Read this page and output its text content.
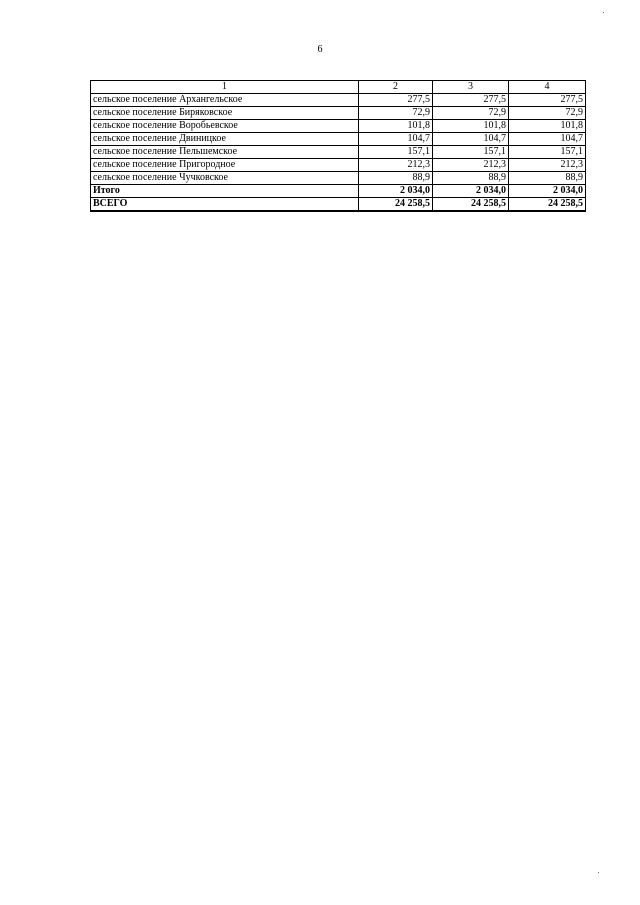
6
1	2	3	4
сельское поселение Архангельское	277,5	277,5	277,5
сельское поселение Биряковское	72,9	72,9	72,9
сельское поселение Воробьевское	101,8	101,8	101,8
сельское поселение Двиницкое	104,7	104,7	104,7
сельское поселение Пельшемское	157,1	157,1	157,1
сельское поселение Пригородное	212,3	212,3	212,3
сельское поселение Чучковское	88,9	88,9	88,9
Итого	2 034,0	2 034,0	2 034,0
ВСЕГО	24 258,5	24 258,5	24 258,5
